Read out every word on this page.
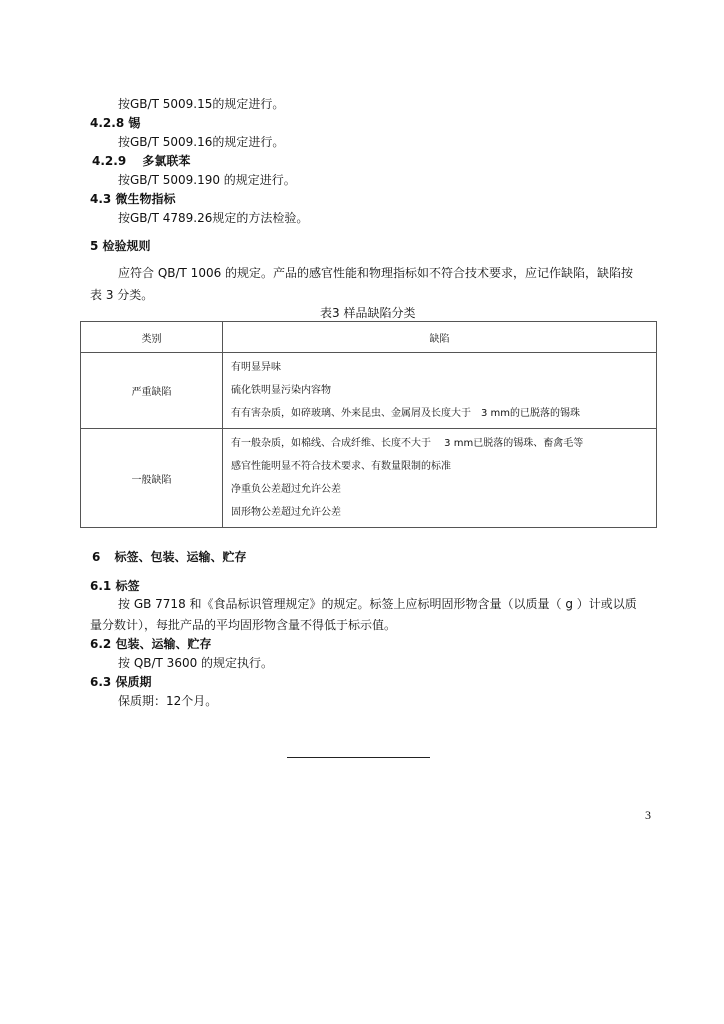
按GB/T 5009.15的规定进行。
4.2.8 锡
按GB/T 5009.16的规定进行。
4.2.9 多氯联苯
按GB/T 5009.190 的规定进行。
4.3 微生物指标
按GB/T 4789.26规定的方法检验。
5 检验规则
应符合 QB/T 1006 的规定。产品的感官性能和物理指标如不符合技术要求，应记作缺陷，缺陷按
表 3 分类。
表3 样品缺陷分类
类别	缺陷
严重缺陷	有明显异味
硫化铁明显污染内容物
有有害杂质，如碎玻璃、外来昆虫、金属屑及长度大于　3 mm的已脱落的锡珠

一般缺陷	有一般杂质，如棉线、合成纤维、长度不大于　 3 mm已脱落的锡珠、畜禽毛等
感官性能明显不符合技术要求、有数量限制的标准
净重负公差超过允许公差
固形物公差超过允许公差
6 标签、包装、运输、贮存
6.1 标签
按 GB 7718 和《食品标识管理规定》的规定。标签上应标明固形物含量（以质量（ g ）计或以质
量分数计），每批产品的平均固形物含量不得低于标示值。
6.2 包装、运输、贮存
按 QB/T 3600 的规定执行。
6.3 保质期
保质期：12个月。
3
